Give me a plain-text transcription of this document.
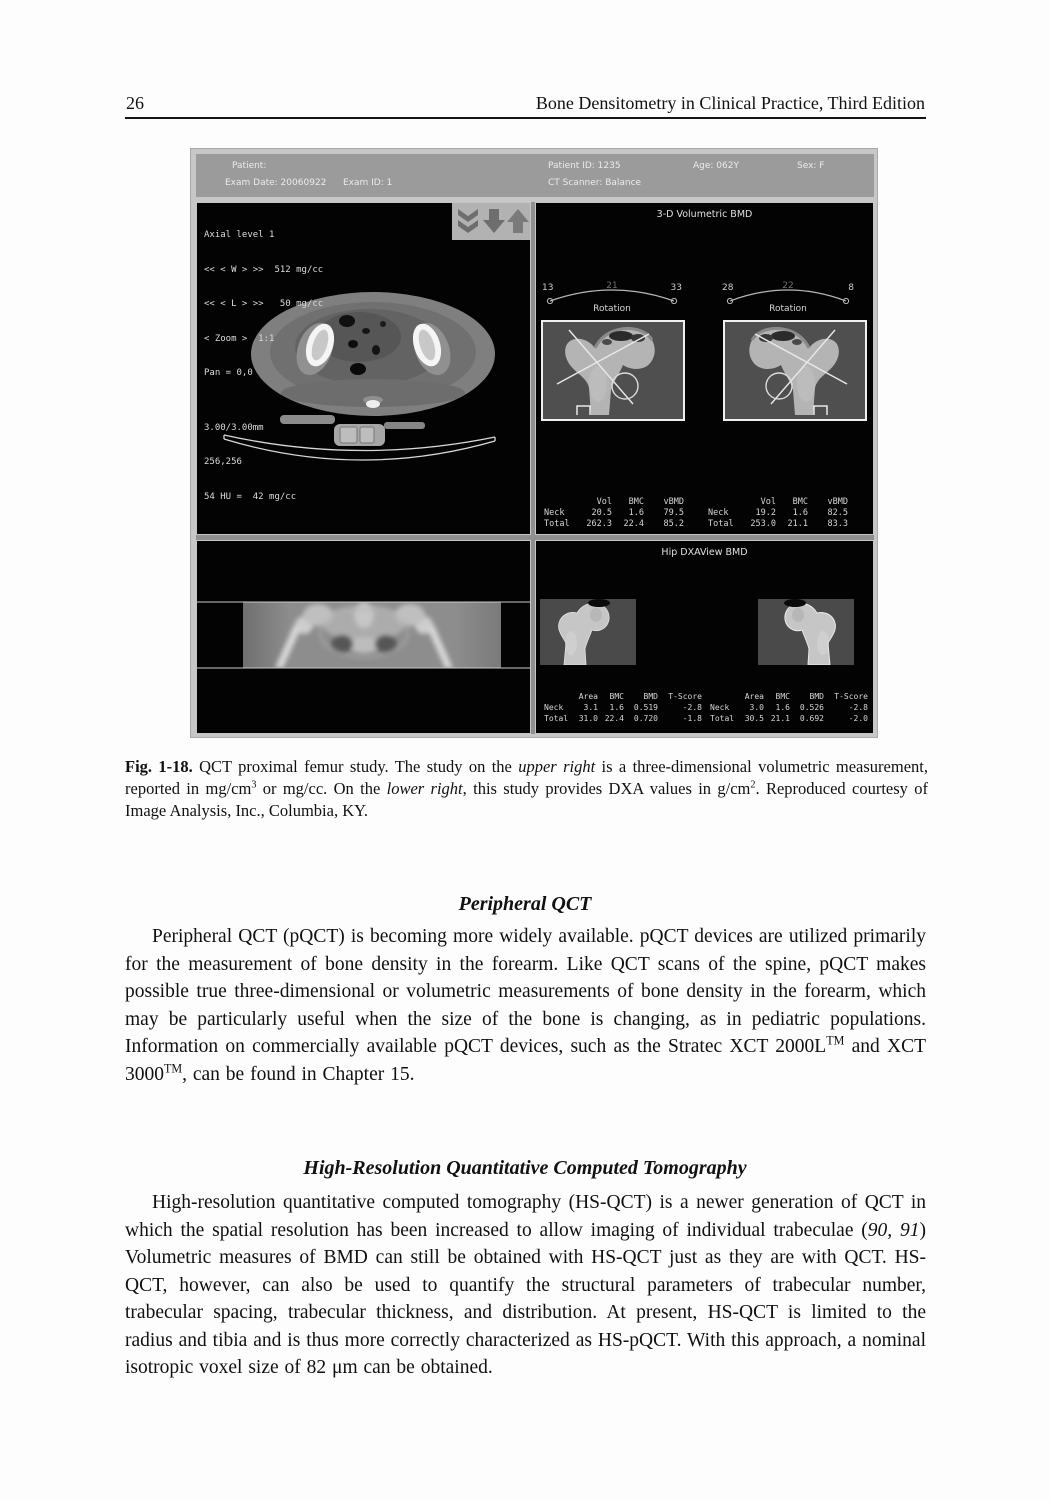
26	Bone Densitometry in Clinical Practice, Third Edition
Patient:	Patient ID: 1235	Age: 062Y	Sex: F
Exam Date: 20060922 Exam ID: 1	CT Scanner: Balance

Axial level 1

<< < W > >>  512 mg/cc

<< < L > >>   50 mg/cc

< Zoom >  1:1

Pan = 0,0

3.00/3.00mm

256,256

54 HU =  42 mg/cc

3-D Volumetric BMD
13	21	33
Rotation
28	22	8
Rotation
Vol	BMC	vBMD
Neck	20.5	1.6	79.5
Total	262.3	22.4	85.2
Vol	BMC	vBMD
Neck	19.2	1.6	82.5
Total	253.0	21.1	83.3
Hip DXAView BMD
Area	BMC	BMD	T-Score
Neck	3.1	1.6	0.519	-2.8
Total	31.0 22.4	0.720	-1.8
Area	BMC	BMD	T-Score
Neck	3.0	1.6	0.526	-2.8
Total	30.5 21.1	0.692	-2.0
Fig. 1-18. QCT proximal femur study. The study on the upper right is a three-dimensional volumetric measurement, reported in $mg/cm^3$ or mg/cc. On the lower right, this study provides DXA values in $g/cm^2$. Reproduced courtesy of Image Analysis, Inc., Columbia, KY.
Peripheral QCT

Peripheral QCT (pQCT) is becoming more widely available. pQCT devices are utilized primarily for the measurement of bone density in the forearm. Like QCT scans of the spine, pQCT makes possible true three-dimensional or volumetric measurements of bone density in the forearm, which may be particularly useful when the size of the bone is changing, as in pediatric populations. Information on commercially available pQCT devices, such as the Stratec XCT 2000L™ and XCT 3000™, can be found in Chapter 15.

High-Resolution Quantitative Computed Tomography

High-resolution quantitative computed tomography (HS-QCT) is a newer generation of QCT in which the spatial resolution has been increased to allow imaging of individual trabeculae (90, 91) Volumetric measures of BMD can still be obtained with HS-QCT just as they are with QCT. HS-QCT, however, can also be used to quantify the structural parameters of trabecular number, trabecular spacing, trabecular thickness, and distribution. At present, HS-QCT is limited to the radius and tibia and is thus more correctly characterized as HS-pQCT. With this approach, a nominal isotropic voxel size of 82 μm can be obtained.
